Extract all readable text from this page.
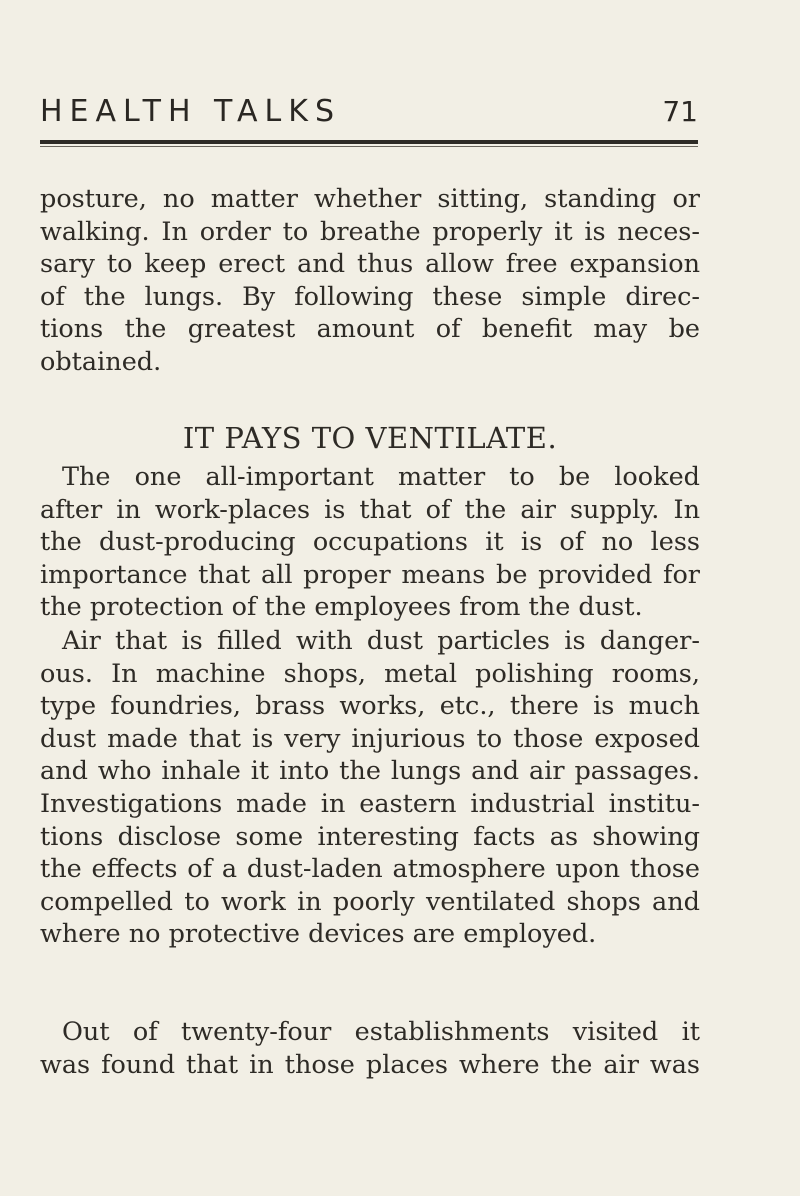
HEALTH TALKS	71
posture, no matter whether sitting, standing or
walking. In order to breathe properly it is neces-
sary to keep erect and thus allow free expansion
of the lungs. By following these simple direc-
tions the greatest amount of benefit may be
obtained.
IT PAYS TO VENTILATE.
The one all-important matter to be looked
after in work-places is that of the air supply. In
the dust-producing occupations it is of no less
importance that all proper means be provided for
the protection of the employees from the dust.
Air that is filled with dust particles is danger-
ous. In machine shops, metal polishing rooms,
type foundries, brass works, etc., there is much
dust made that is very injurious to those exposed
and who inhale it into the lungs and air passages.
Investigations made in eastern industrial institu-
tions disclose some interesting facts as showing
the effects of a dust-laden atmosphere upon those
compelled to work in poorly ventilated shops and
where no protective devices are employed.
Out of twenty-four establishments visited it
was found that in those places where the air was
